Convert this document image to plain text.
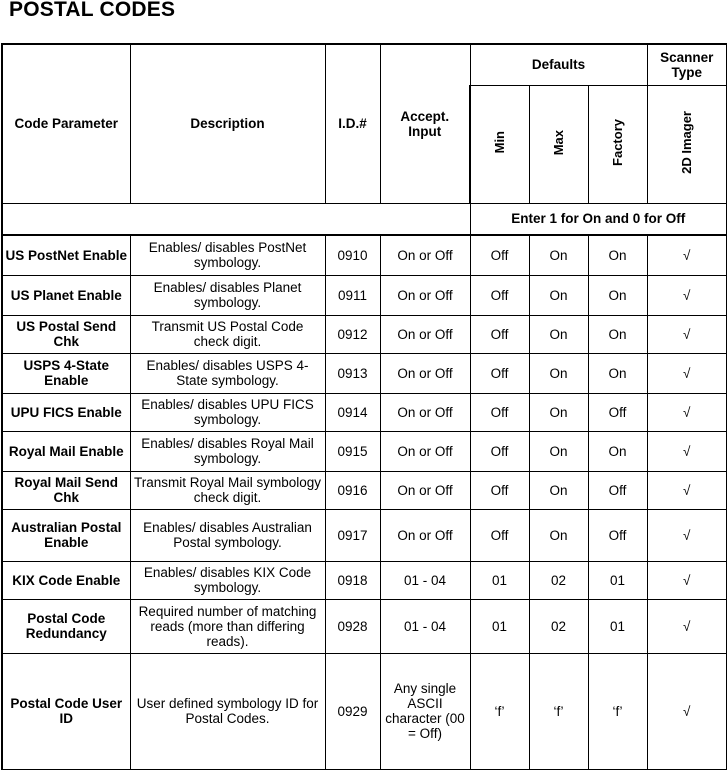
POSTAL CODES
Code Parameter	Description	I.D.#	Accept. Input	Defaults			Scanner Type
				Min	Max	Factory	2D Imager
				Enter 1 for On and 0 for Off			
US PostNet Enable	Enables/ disables PostNet symbology.	0910	On or Off	Off	On	On	√
US Planet Enable	Enables/ disables Planet symbology.	0911	On or Off	Off	On	On	√
US Postal Send Chk	Transmit US Postal Code check digit.	0912	On or Off	Off	On	On	√
USPS 4-State Enable	Enables/ disables USPS 4-State symbology.	0913	On or Off	Off	On	On	√
UPU FICS Enable	Enables/ disables UPU FICS symbology.	0914	On or Off	Off	On	Off	√
Royal Mail Enable	Enables/ disables Royal Mail symbology.	0915	On or Off	Off	On	On	√
Royal Mail Send Chk	Transmit Royal Mail symbology check digit.	0916	On or Off	Off	On	Off	√
Australian Postal Enable	Enables/ disables Australian Postal symbology.	0917	On or Off	Off	On	Off	√
KIX Code Enable	Enables/ disables KIX Code symbology.	0918	01 - 04	01	02	01	√
Postal Code Redundancy	Required number of matching reads (more than differing reads).	0928	01 - 04	01	02	01	√
Postal Code User ID	User defined symbology ID for Postal Codes.	0929	Any single ASCII character (00 = Off)	‘f’	‘f’	‘f’	√
